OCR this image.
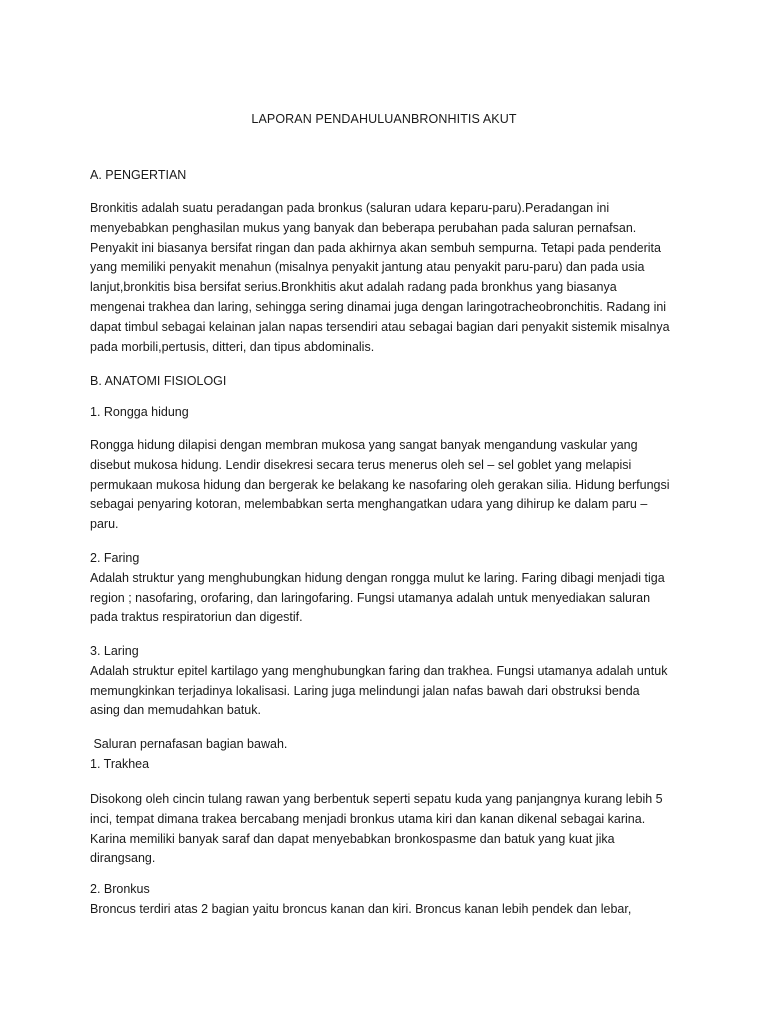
LAPORAN PENDAHULUANBRONHITIS AKUT
A. PENGERTIAN
Bronkitis adalah suatu peradangan pada bronkus (saluran udara keparu-paru).Peradangan ini
menyebabkan penghasilan mukus yang banyak dan beberapa perubahan pada saluran pernafsan.
Penyakit ini biasanya bersifat ringan dan pada akhirnya akan sembuh sempurna. Tetapi pada penderita
yang memiliki penyakit menahun (misalnya penyakit jantung atau penyakit paru-paru) dan pada usia
lanjut,bronkitis bisa bersifat serius.Bronkhitis akut adalah radang pada bronkhus yang biasanya
mengenai trakhea dan laring, sehingga sering dinamai juga dengan laringotracheobronchitis. Radang ini
dapat timbul sebagai kelainan jalan napas tersendiri atau sebagai bagian dari penyakit sistemik misalnya
pada morbili,pertusis, ditteri, dan tipus abdominalis.
B. ANATOMI FISIOLOGI
1. Rongga hidung
Rongga hidung dilapisi dengan membran mukosa yang sangat banyak mengandung vaskular yang
disebut mukosa hidung. Lendir disekresi secara terus menerus oleh sel – sel goblet yang melapisi
permukaan mukosa hidung dan bergerak ke belakang ke nasofaring oleh gerakan silia. Hidung berfungsi
sebagai penyaring kotoran, melembabkan serta menghangatkan udara yang dihirup ke dalam paru –
paru.
2. Faring
Adalah struktur yang menghubungkan hidung dengan rongga mulut ke laring. Faring dibagi menjadi tiga
region ; nasofaring, orofaring, dan laringofaring. Fungsi utamanya adalah untuk menyediakan saluran
pada traktus respiratoriun dan digestif.
3. Laring
Adalah struktur epitel kartilago yang menghubungkan faring dan trakhea. Fungsi utamanya adalah untuk
memungkinkan terjadinya lokalisasi. Laring juga melindungi jalan nafas bawah dari obstruksi benda
asing dan memudahkan batuk.
Saluran pernafasan bagian bawah.
1. Trakhea
Disokong oleh cincin tulang rawan yang berbentuk seperti sepatu kuda yang panjangnya kurang lebih 5
inci, tempat dimana trakea bercabang menjadi bronkus utama kiri dan kanan dikenal sebagai karina.
Karina memiliki banyak saraf dan dapat menyebabkan bronkospasme dan batuk yang kuat jika
dirangsang.
2. Bronkus
Broncus terdiri atas 2 bagian yaitu broncus kanan dan kiri. Broncus kanan lebih pendek dan lebar,
